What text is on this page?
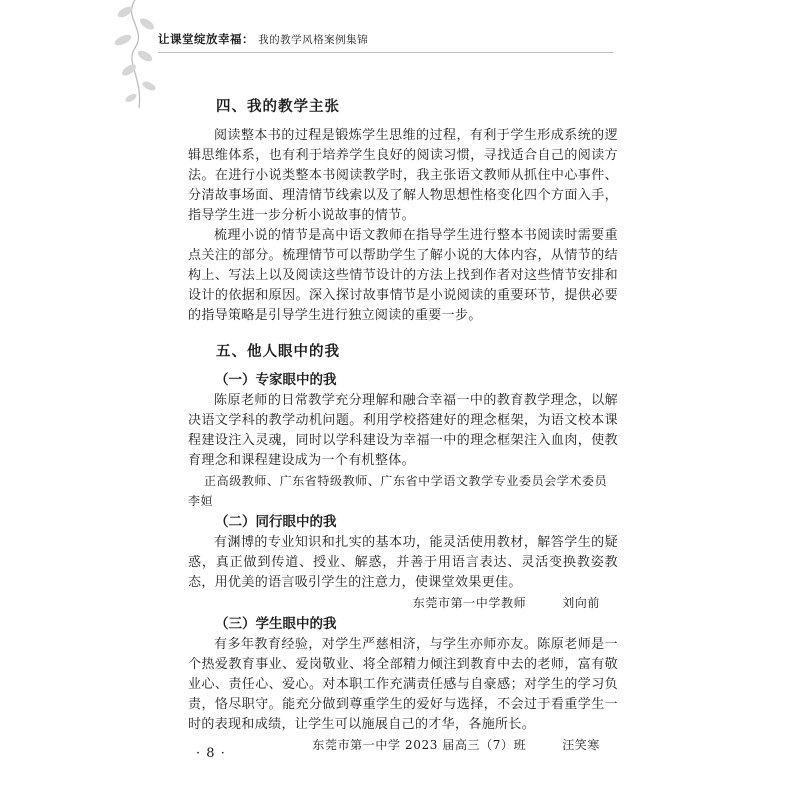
让课堂绽放幸福： 我的教学风格案例集锦
四、我的教学主张

阅读整本书的过程是锻炼学生思维的过程，有利于学生形成系统的逻辑思维体系，也有利于培养学生良好的阅读习惯，寻找适合自己的阅读方法。在进行小说类整本书阅读教学时，我主张语文教师从抓住中心事件、分清故事场面、理清情节线索以及了解人物思想性格变化四个方面入手，指导学生进一步分析小说故事的情节。

梳理小说的情节是高中语文教师在指导学生进行整本书阅读时需要重点关注的部分。梳理情节可以帮助学生了解小说的大体内容，从情节的结构上、写法上以及阅读这些情节设计的方法上找到作者对这些情节安排和设计的依据和原因。深入探讨故事情节是小说阅读的重要环节，提供必要的指导策略是引导学生进行独立阅读的重要一步。

五、他人眼中的我
（一）专家眼中的我

陈原老师的日常教学充分理解和融合幸福一中的教育教学理念，以解决语文学科的教学动机问题。利用学校搭建好的理念框架，为语文校本课程建设注入灵魂，同时以学科建设为幸福一中的理念框架注入血肉，使教育理念和课程建设成为一个有机整体。

正高级教师、广东省特级教师、广东省中学语文教学专业委员会学术委员

李姮

（二）同行眼中的我

有渊博的专业知识和扎实的基本功，能灵活使用教材，解答学生的疑惑，真正做到传道、授业、解惑，并善于用语言表达、灵活变换教姿教态，用优美的语言吸引学生的注意力，使课堂效果更佳。

东莞市第一中学教师	刘向前

（三）学生眼中的我

有多年教育经验，对学生严慈相济，与学生亦师亦友。陈原老师是一个热爱教育事业、爱岗敬业、将全部精力倾注到教育中去的老师，富有敬业心、责任心、爱心。对本职工作充满责任感与自豪感；对学生的学习负责，恪尽职守。能充分做到尊重学生的爱好与选择，不会过于看重学生一时的表现和成绩，让学生可以施展自己的才华，各施所长。

东莞市第一中学 2023 届高三（7）班	汪笑寒

· 8 ·
